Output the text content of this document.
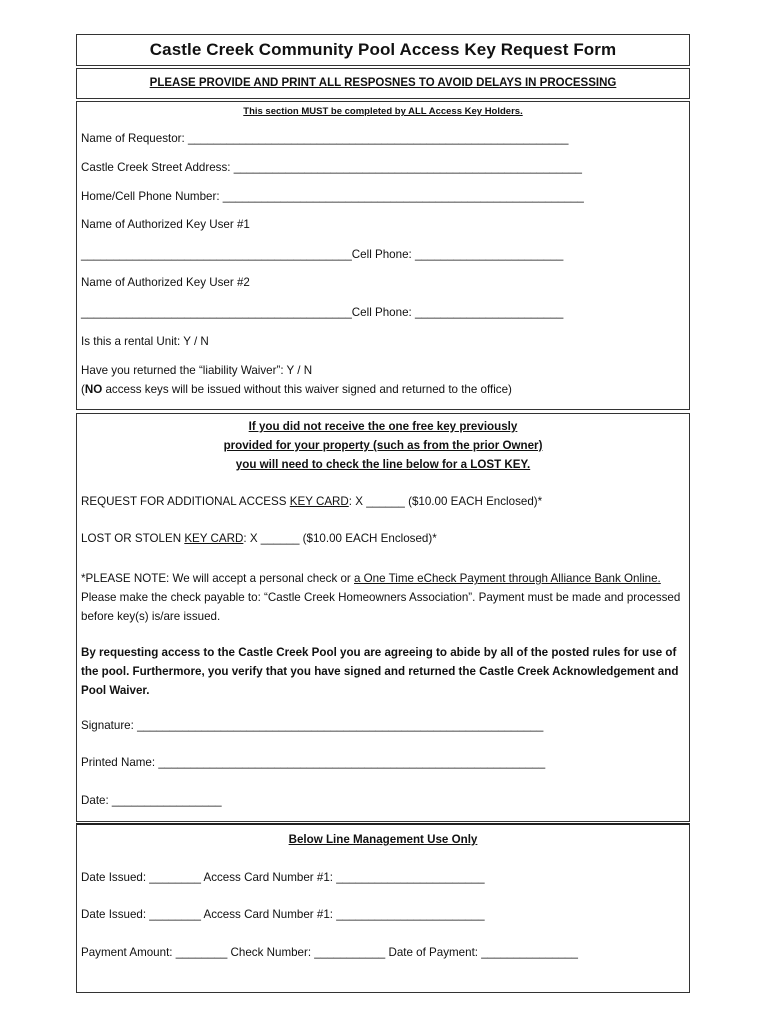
Castle Creek Community Pool Access Key Request Form
PLEASE PROVIDE AND PRINT ALL RESPOSNES TO AVOID DELAYS IN PROCESSING
This section MUST be completed by ALL Access Key Holders.
Name of Requestor: ___________________________________________________________
Castle Creek Street Address: ______________________________________________________
Home/Cell Phone Number: ________________________________________________________
Name of Authorized Key User #1
__________________________________________Cell Phone: _______________________
Name of Authorized Key User #2
__________________________________________Cell Phone: _______________________
Is this a rental Unit: Y / N
Have you returned the “liability Waiver”: Y / N
(NO access keys will be issued without this waiver signed and returned to the office)
If you did not receive the one free key previously
provided for your property (such as from the prior Owner)
you will need to check the line below for a LOST KEY.
REQUEST FOR ADDITIONAL ACCESS KEY CARD: X ______ ($10.00 EACH Enclosed)*
LOST OR STOLEN KEY CARD: X ______ ($10.00 EACH Enclosed)*
*PLEASE NOTE: We will accept a personal check or a One Time eCheck Payment through Alliance Bank Online. Please make the check payable to: “Castle Creek Homeowners Association”. Payment must be made and processed before key(s) is/are issued.
By requesting access to the Castle Creek Pool you are agreeing to abide by all of the posted rules for use of the pool. Furthermore, you verify that you have signed and returned the Castle Creek Acknowledgement and Pool Waiver.
Signature: _______________________________________________________________
Printed Name: ____________________________________________________________
Date: _________________
Below Line Management Use Only
Date Issued: ________ Access Card Number #1: _______________________
Date Issued: ________ Access Card Number #1: _______________________
Payment Amount: ________ Check Number: ___________ Date of Payment: _______________
